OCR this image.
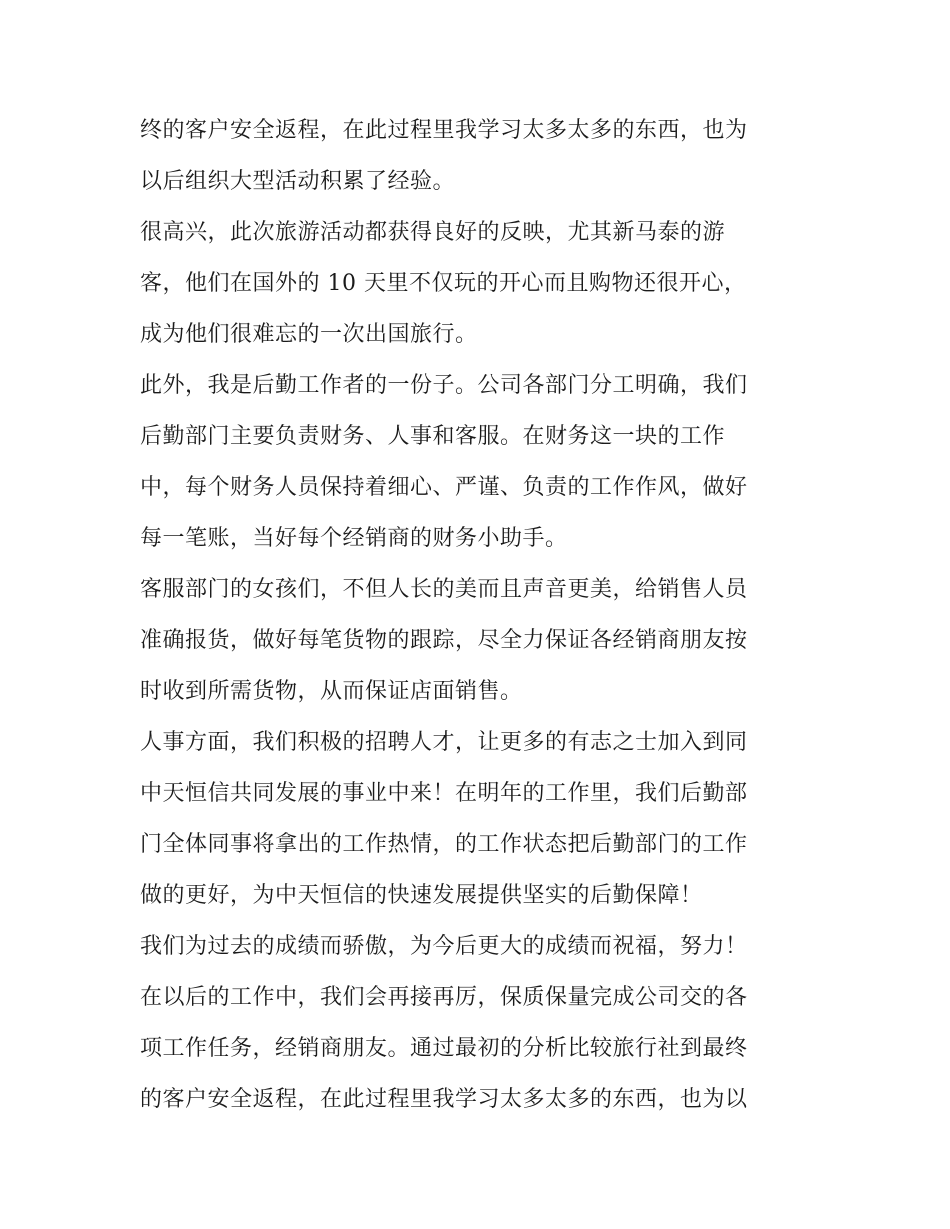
终的客户安全返程，在此过程里我学习太多太多的东西，也为
以后组织大型活动积累了经验。
很高兴，此次旅游活动都获得良好的反映，尤其新马泰的游
客，他们在国外的 10 天里不仅玩的开心而且购物还很开心，
成为他们很难忘的一次出国旅行。
此外，我是后勤工作者的一份子。公司各部门分工明确，我们
后勤部门主要负责财务、人事和客服。在财务这一块的工作
中，每个财务人员保持着细心、严谨、负责的工作作风，做好
每一笔账，当好每个经销商的财务小助手。
客服部门的女孩们，不但人长的美而且声音更美，给销售人员
准确报货，做好每笔货物的跟踪，尽全力保证各经销商朋友按
时收到所需货物，从而保证店面销售。
人事方面，我们积极的招聘人才，让更多的有志之士加入到同
中天恒信共同发展的事业中来！在明年的工作里，我们后勤部
门全体同事将拿出的工作热情，的工作状态把后勤部门的工作
做的更好，为中天恒信的快速发展提供坚实的后勤保障！
我们为过去的成绩而骄傲，为今后更大的成绩而祝福，努力！
在以后的工作中，我们会再接再厉，保质保量完成公司交的各
项工作任务，经销商朋友。通过最初的分析比较旅行社到最终
的客户安全返程，在此过程里我学习太多太多的东西，也为以
